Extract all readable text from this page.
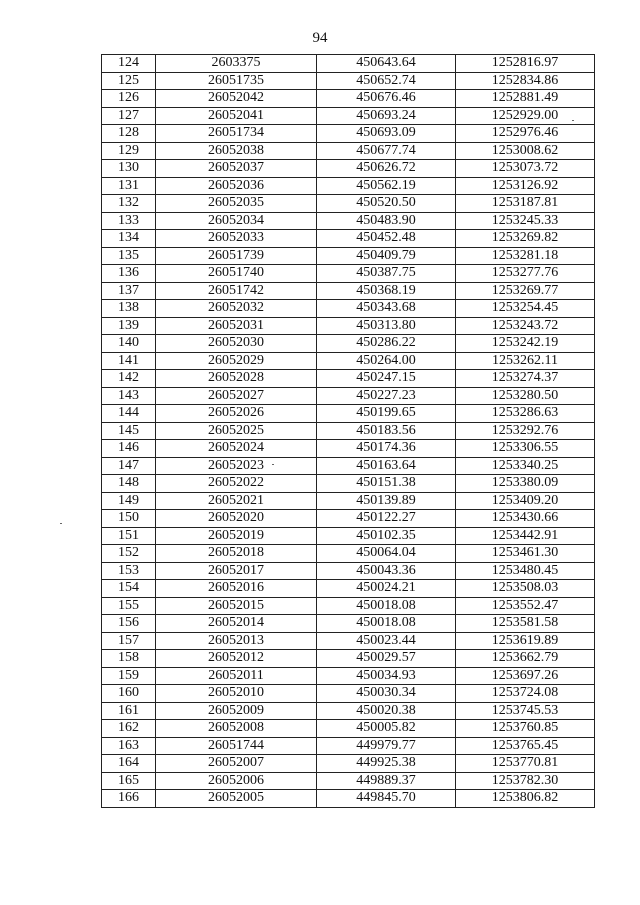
94
124	2603375	450643.64	1252816.97
125	26051735	450652.74	1252834.86
126	26052042	450676.46	1252881.49
127	26052041	450693.24	1252929.00
128	26051734	450693.09	1252976.46
129	26052038	450677.74	1253008.62
130	26052037	450626.72	1253073.72
131	26052036	450562.19	1253126.92
132	26052035	450520.50	1253187.81
133	26052034	450483.90	1253245.33
134	26052033	450452.48	1253269.82
135	26051739	450409.79	1253281.18
136	26051740	450387.75	1253277.76
137	26051742	450368.19	1253269.77
138	26052032	450343.68	1253254.45
139	26052031	450313.80	1253243.72
140	26052030	450286.22	1253242.19
141	26052029	450264.00	1253262.11
142	26052028	450247.15	1253274.37
143	26052027	450227.23	1253280.50
144	26052026	450199.65	1253286.63
145	26052025	450183.56	1253292.76
146	26052024	450174.36	1253306.55
147	26052023	450163.64	1253340.25
148	26052022	450151.38	1253380.09
149	26052021	450139.89	1253409.20
150	26052020	450122.27	1253430.66
151	26052019	450102.35	1253442.91
152	26052018	450064.04	1253461.30
153	26052017	450043.36	1253480.45
154	26052016	450024.21	1253508.03
155	26052015	450018.08	1253552.47
156	26052014	450018.08	1253581.58
157	26052013	450023.44	1253619.89
158	26052012	450029.57	1253662.79
159	26052011	450034.93	1253697.26
160	26052010	450030.34	1253724.08
161	26052009	450020.38	1253745.53
162	26052008	450005.82	1253760.85
163	26051744	449979.77	1253765.45
164	26052007	449925.38	1253770.81
165	26052006	449889.37	1253782.30
166	26052005	449845.70	1253806.82
